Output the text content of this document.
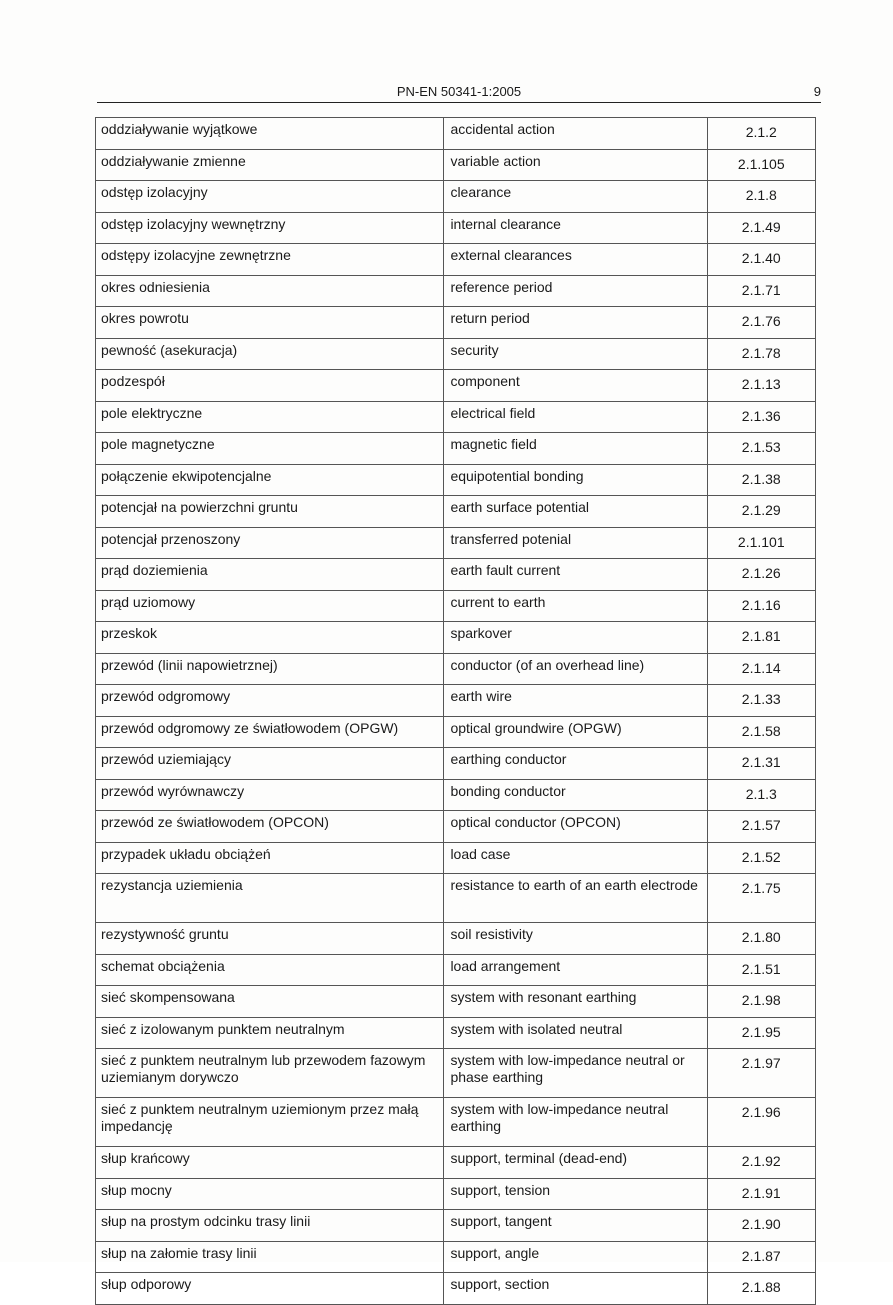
PN-EN 50341-1:2005	9
oddziaływanie wyjątkowe	accidental action	2.1.2
oddziaływanie zmienne	variable action	2.1.105
odstęp izolacyjny	clearance	2.1.8
odstęp izolacyjny wewnętrzny	internal clearance	2.1.49
odstępy izolacyjne zewnętrzne	external clearances	2.1.40
okres odniesienia	reference period	2.1.71
okres powrotu	return period	2.1.76
pewność (asekuracja)	security	2.1.78
podzespół	component	2.1.13
pole elektryczne	electrical field	2.1.36
pole magnetyczne	magnetic field	2.1.53
połączenie ekwipotencjalne	equipotential bonding	2.1.38
potencjał na powierzchni gruntu	earth surface potential	2.1.29
potencjał przenoszony	transferred potenial	2.1.101
prąd doziemienia	earth fault current	2.1.26
prąd uziomowy	current to earth	2.1.16
przeskok	sparkover	2.1.81
przewód (linii napowietrznej)	conductor (of an overhead line)	2.1.14
przewód odgromowy	earth wire	2.1.33
przewód odgromowy ze światłowodem (OPGW)	optical groundwire (OPGW)	2.1.58
przewód uziemiający	earthing conductor	2.1.31
przewód wyrównawczy	bonding conductor	2.1.3
przewód ze światłowodem (OPCON)	optical conductor (OPCON)	2.1.57
przypadek układu obciążeń	load case	2.1.52
rezystancja uziemienia	resistance to earth of an earth electrode	2.1.75
rezystywność gruntu	soil resistivity	2.1.80
schemat obciążenia	load arrangement	2.1.51
sieć skompensowana	system with resonant earthing	2.1.98
sieć z izolowanym punktem neutralnym	system with isolated neutral	2.1.95
sieć z punktem neutralnym lub przewodem fazowym uziemianym dorywczo	system with low-impedance neutral or phase earthing	2.1.97
sieć z punktem neutralnym uziemionym przez małą impedancję	system with low-impedance neutral earthing	2.1.96
słup krańcowy	support, terminal (dead-end)	2.1.92
słup mocny	support, tension	2.1.91
słup na prostym odcinku trasy linii	support, tangent	2.1.90
słup na załomie trasy linii	support, angle	2.1.87
słup odporowy	support, section	2.1.88
